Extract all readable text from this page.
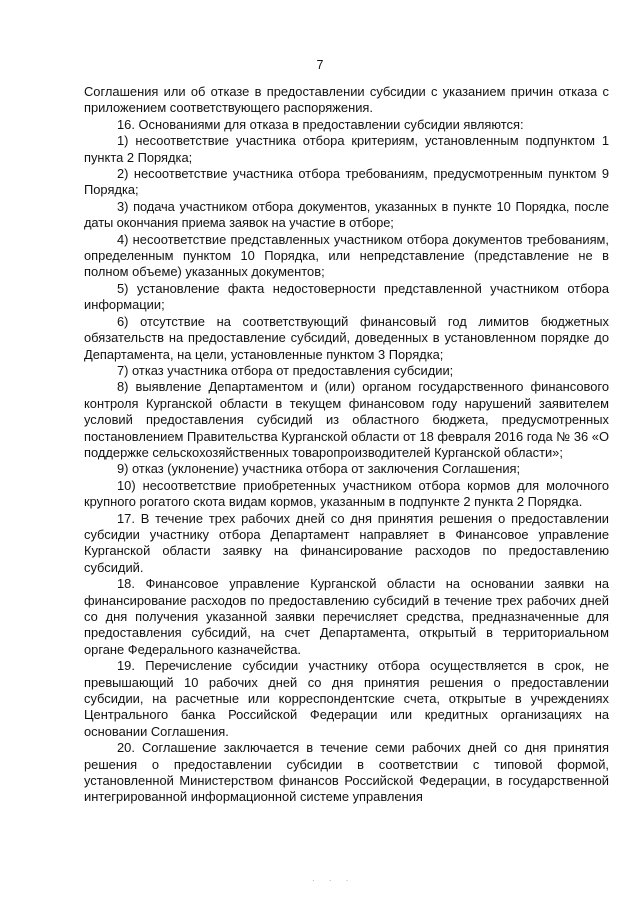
7

Соглашения или об отказе в предоставлении субсидии с указанием причин отказа с приложением соответствующего распоряжения.

16. Основаниями для отказа в предоставлении субсидии являются:

1) несоответствие участника отбора критериям, установленным подпунктом 1 пункта 2 Порядка;

2) несоответствие участника отбора требованиям, предусмотренным пунктом 9 Порядка;

3) подача участником отбора документов, указанных в пункте 10 Порядка, после даты окончания приема заявок на участие в отборе;

4) несоответствие представленных участником отбора документов требованиям, определенным пунктом 10 Порядка, или непредставление (представление не в полном объеме) указанных документов;

5) установление факта недостоверности представленной участником отбора информации;

6) отсутствие на соответствующий финансовый год лимитов бюджетных обязательств на предоставление субсидий, доведенных в установленном порядке до Департамента, на цели, установленные пунктом 3 Порядка;

7) отказ участника отбора от предоставления субсидии;

8) выявление Департаментом и (или) органом государственного финансового контроля Курганской области в текущем финансовом году нарушений заявителем условий предоставления субсидий из областного бюджета, предусмотренных постановлением Правительства Курганской области от 18 февраля 2016 года № 36 «О поддержке сельскохозяйственных товаропроизводителей Курганской области»;

9) отказ (уклонение) участника отбора от заключения Соглашения;

10) несоответствие приобретенных участником отбора кормов для молочного крупного рогатого скота видам кормов, указанным в подпункте 2 пункта 2 Порядка.

17. В течение трех рабочих дней со дня принятия решения о предоставлении субсидии участнику отбора Департамент направляет в Финансовое управление Курганской области заявку на финансирование расходов по предоставлению субсидий.

18. Финансовое управление Курганской области на основании заявки на финансирование расходов по предоставлению субсидий в течение трех рабочих дней со дня получения указанной заявки перечисляет средства, предназначенные для предоставления субсидий, на счет Департамента, открытый в территориальном органе Федерального казначейства.

19. Перечисление субсидии участнику отбора осуществляется в срок, не превышающий 10 рабочих дней со дня принятия решения о предоставлении субсидии, на расчетные или корреспондентские счета, открытые в учреждениях Центрального банка Российской Федерации или кредитных организациях на основании Соглашения.

20. Соглашение заключается в течение семи рабочих дней со дня принятия решения о предоставлении субсидии в соответствии с типовой формой, установленной Министерством финансов Российской Федерации, в государственной интегрированной информационной системе управления

· · ·
